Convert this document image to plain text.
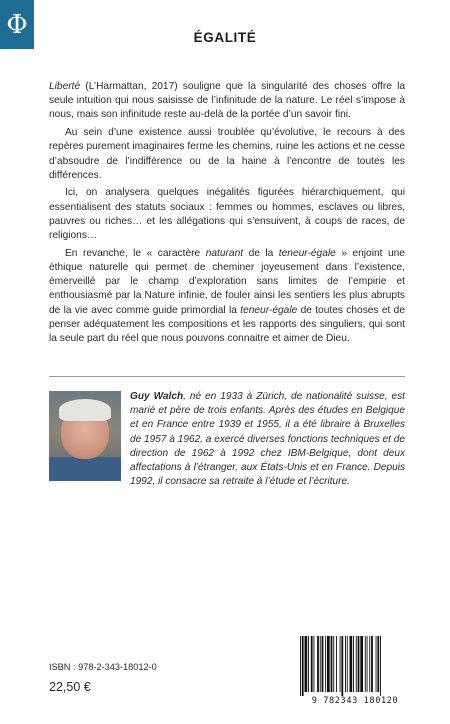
Φ	ÉGALITÉ

Liberté (L’Harmattan, 2017) souligne que la singularité des choses offre la seule intuition qui nous saisisse de l’infinitude de la nature. Le réel s’impose à nous, mais son infinitude reste au-delà de la portée d’un savoir fini.

Au sein d’une existence aussi troublée qu’évolutive, le recours à des repères purement imaginaires ferme les chemins, ruine les actions et ne cesse d’absoudre de l’indifférence ou de la haine à l’encontre de toutes les différences.

Ici, on analysera quelques inégalités figurées hiérarchiquement, qui essentialisent des statuts sociaux : femmes ou hommes, esclaves ou libres, pauvres ou riches… et les allégations qui s’ensuivent, à coups de races, de religions…

En revanche, le « caractère naturant de la teneur-égale » enjoint une éthique naturelle qui permet de cheminer joyeusement dans l’existence, émerveillé par le champ d’exploration sans limites de l’empirie et enthousiasmé par la Nature infinie, de fouler ainsi les sentiers les plus abrupts de la vie avec comme guide primordial la teneur-égale de toutes choses et de penser adéquatement les compositions et les rapports des singuliers, qui sont la seule part du réel que nous pouvons connaitre et aimer de Dieu.

Guy Walch, né en 1933 à Zürich, de nationalité suisse, est marié et père de trois enfants. Après des études en Belgique et en France entre 1939 et 1955, il a été libraire à Bruxelles de 1957 à 1962, a exercé diverses fonctions techniques et de direction de 1962 à 1992 chez IBM-Belgique, dont deux affectations à l’étranger, aux États-Unis et en France. Depuis 1992, il consacre sa retraite à l’étude et l’écriture.
ISBN : 978-2-343-18012-0
22,50 €
9 782343 180120
